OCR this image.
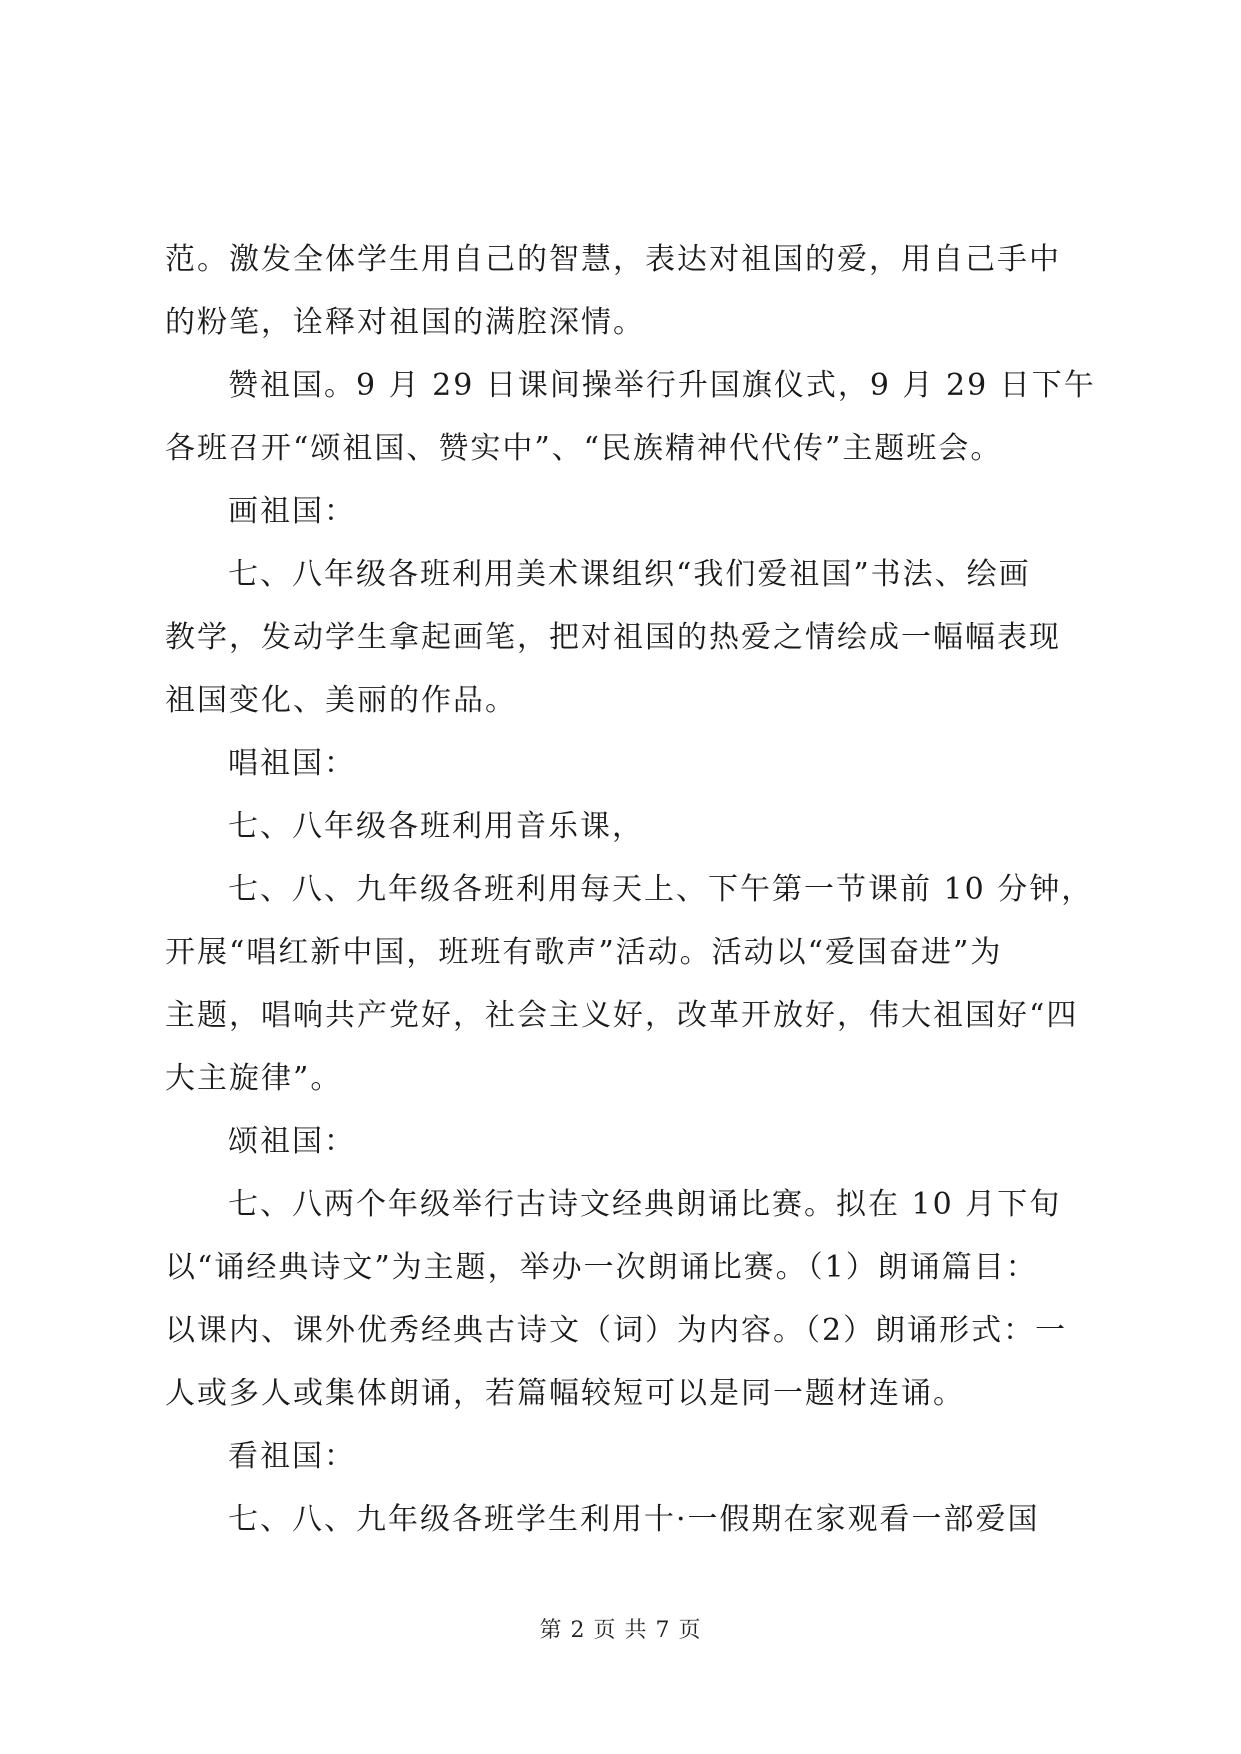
范。激发全体学生用自己的智慧，表达对祖国的爱，用自己手中
的粉笔，诠释对祖国的满腔深情。
赞祖国。9 月 29 日课间操举行升国旗仪式，9 月 29 日下午
各班召开“颂祖国、赞实中”、“民族精神代代传”主题班会。
画祖国：
七、八年级各班利用美术课组织“我们爱祖国”书法、绘画
教学，发动学生拿起画笔，把对祖国的热爱之情绘成一幅幅表现
祖国变化、美丽的作品。
唱祖国：
七、八年级各班利用音乐课，
七、八、九年级各班利用每天上、下午第一节课前 10 分钟，
开展“唱红新中国，班班有歌声”活动。活动以“爱国奋进”为
主题，唱响共产党好，社会主义好，改革开放好，伟大祖国好“四
大主旋律”。
颂祖国：
七、八两个年级举行古诗文经典朗诵比赛。拟在 10 月下旬
以“诵经典诗文”为主题，举办一次朗诵比赛。（1）朗诵篇目：
以课内、课外优秀经典古诗文（词）为内容。（2）朗诵形式：一
人或多人或集体朗诵，若篇幅较短可以是同一题材连诵。
看祖国：
七、八、九年级各班学生利用十·一假期在家观看一部爱国
第 2 页 共 7 页
